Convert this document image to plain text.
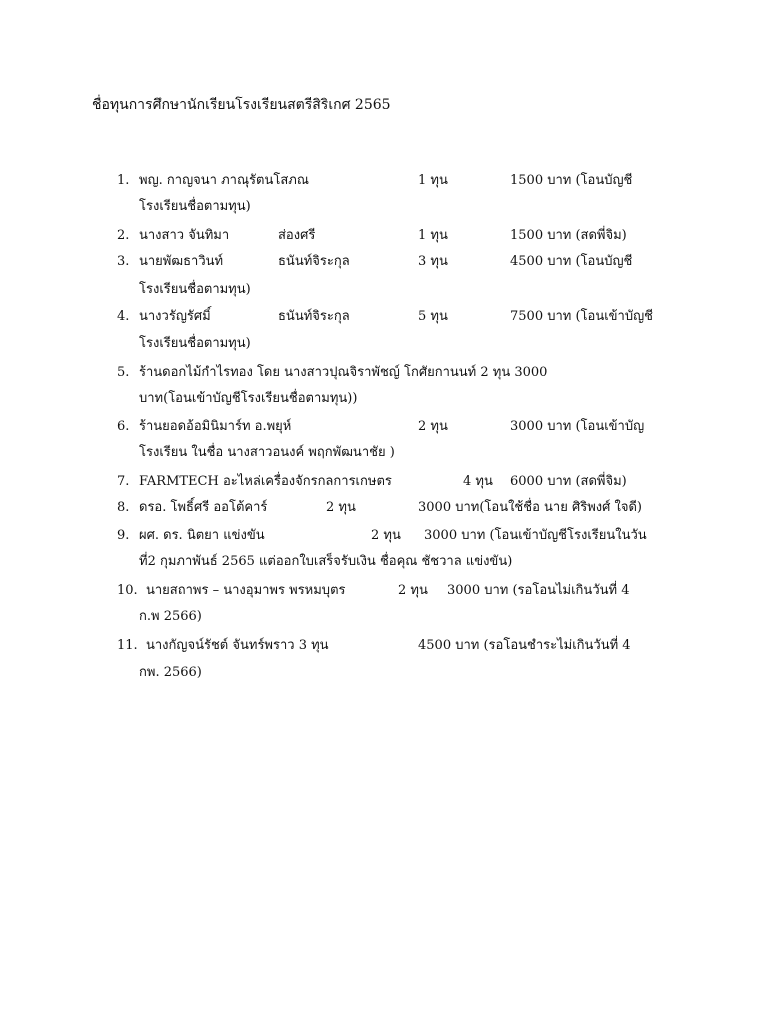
ชื่อทุนการศึกษานักเรียนโรงเรียนสตรีสิริเกศ 2565
1. พญ. กาญจนา ภาณุรัตนโสภณ	1 ทุน	1500 บาท (โอนบัญชี
โรงเรียนชื่อตามทุน)
2. นางสาว จันทิมา	ส่องศรี	1 ทุน	1500 บาท (สดพี่จิม)
3. นายพัฒธาวินท์	ธนันท์จิระกุล	3 ทุน	4500 บาท (โอนบัญชี
โรงเรียนชื่อตามทุน)
4. นางวรัญรัศมิ์	ธนันท์จิระกุล	5 ทุน	7500 บาท (โอนเข้าบัญชี
โรงเรียนชื่อตามทุน)
5. ร้านดอกไม้กำไรทอง โดย นางสาวปุณจิราพัชญ์ โกศัยกานนท์ 2 ทุน 3000
บาท(โอนเข้าบัญชีโรงเรียนชื่อตามทุน))
6. ร้านยอดอ้อมินิมาร์ท อ.พยุห์	2 ทุน	3000 บาท (โอนเข้าบัญ
โรงเรียน ในชื่อ นางสาวอนงค์ พฤกพัฒนาชัย )
7. FARMTECH อะไหล่เครื่องจักรกลการเกษตร	4 ทุน 6000 บาท (สดพี่จิม)
8. ดรอ. โพธิ์ศรี ออโต้คาร์	2 ทุน	3000 บาท(โอนใช้ชื่อ นาย ศิริพงศ์ ใจดี)
9. ผศ. ดร. นิตยา แข่งขัน	2 ทุน 3000 บาท (โอนเข้าบัญชีโรงเรียนในวัน
ที่2 กุมภาพันธ์ 2565 แต่ออกใบเสร็จรับเงิน ชื่อคุณ ชัชวาล แข่งขัน)
10. นายสถาพร – นางอุมาพร พรหมบุตร	2 ทุน 3000 บาท (รอโอนไม่เกินวันที่ 4
ก.พ 2566)
11. นางกัญจน์รัชต์ จันทร์พราว 3 ทุน	4500 บาท (รอโอนชำระไม่เกินวันที่ 4
กพ. 2566)
